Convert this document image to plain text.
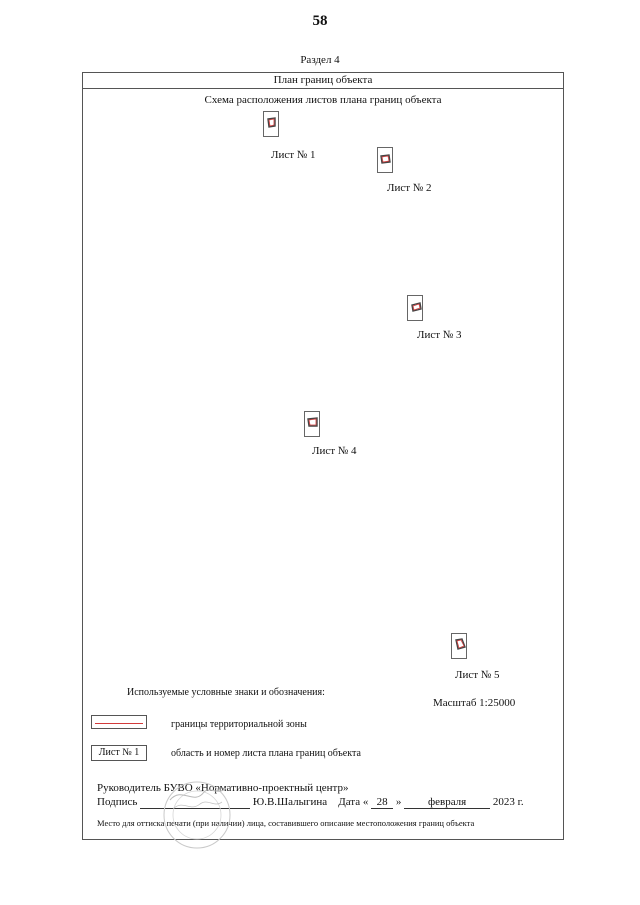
58
Раздел 4
План границ объекта
Схема расположения листов плана границ объекта
Лист № 1
Лист № 2
Лист № 3
Лист № 4
Лист № 5
Используемые условные знаки и обозначения:
Масштаб 1:25000
границы территориальной зоны
Лист № 1	область и номер листа плана границ объекта
Руководитель БУВО «Нормативно-проектный центр»
Подпись	Ю.В.Шалыгина Дата « 28 » февраля 2023 г.
Место для оттиска печати (при наличии) лица, составившего описание местоположения границ объекта
